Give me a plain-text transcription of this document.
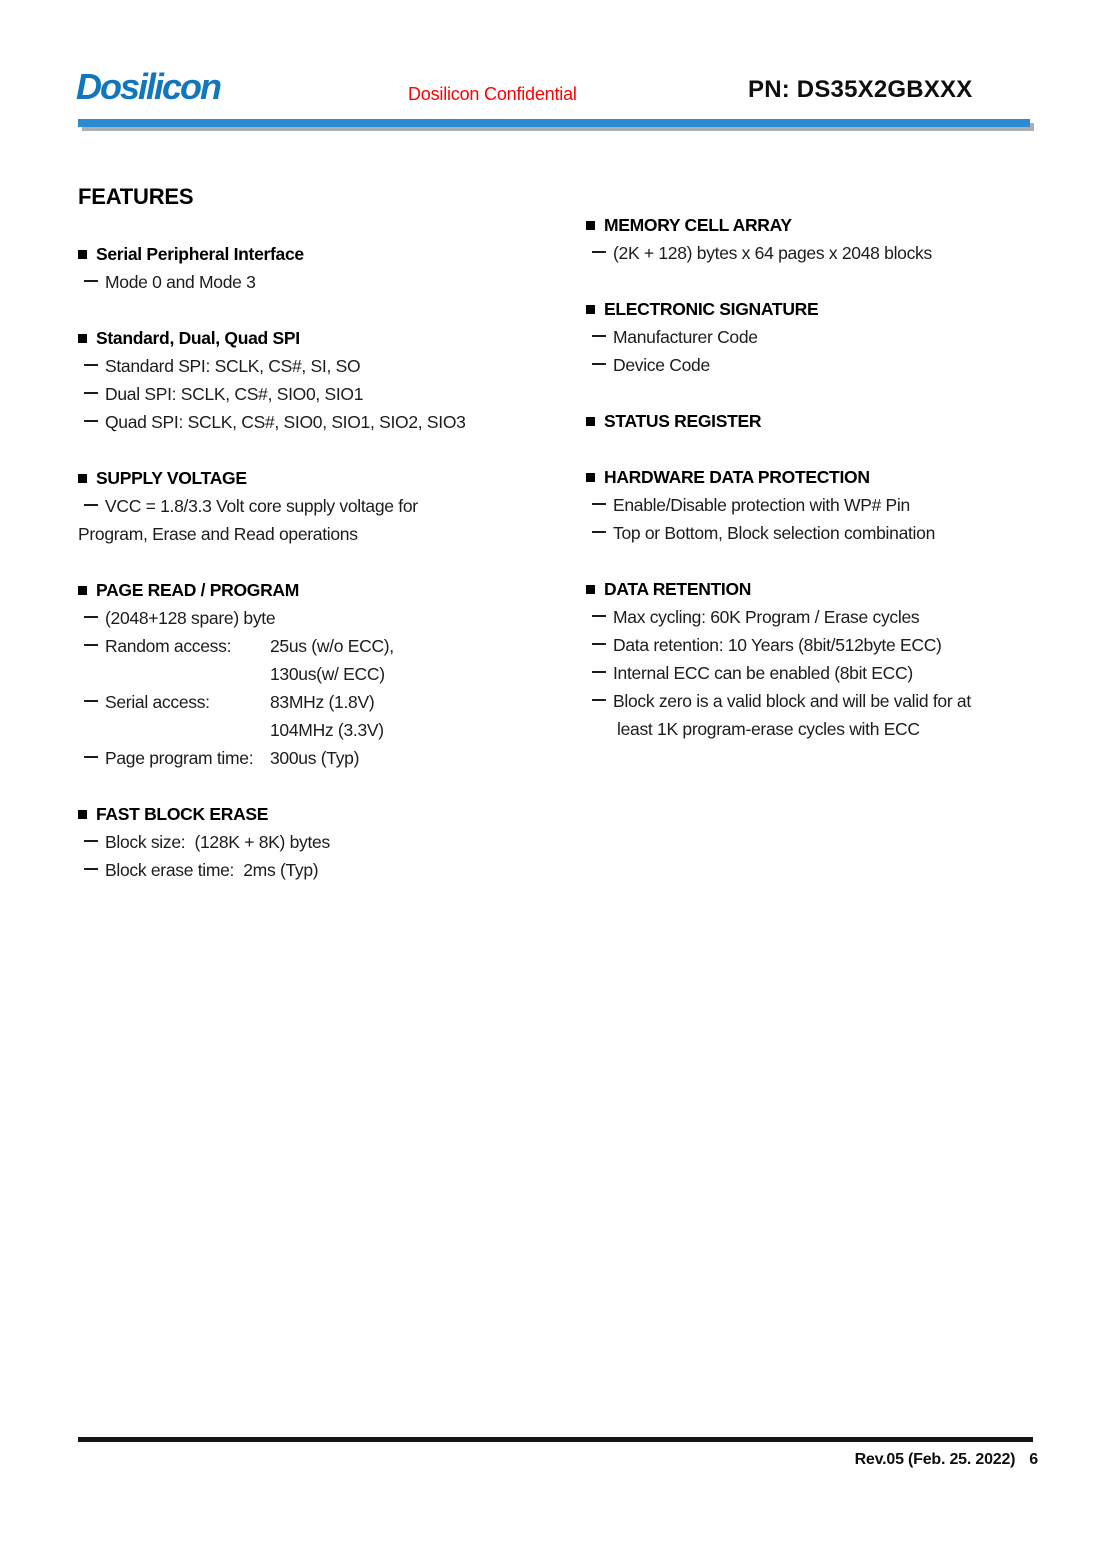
Dosilicon	Dosilicon Confidential	PN: DS35X2GBXXX
FEATURES
Serial Peripheral Interface
Mode 0 and Mode 3
Standard, Dual, Quad SPI
Standard SPI: SCLK, CS#, SI, SO
Dual SPI: SCLK, CS#, SIO0, SIO1
Quad SPI: SCLK, CS#, SIO0, SIO1, SIO2, SIO3
SUPPLY VOLTAGE
VCC = 1.8/3.3 Volt core supply voltage for
Program, Erase and Read operations
PAGE READ / PROGRAM
(2048+128 spare) byte
Random access: 25us (w/o ECC),
130us(w/ ECC)
Serial access:	83MHz (1.8V)
104MHz (3.3V)
Page program time: 300us (Typ)
FAST BLOCK ERASE
Block size:  (128K + 8K) bytes
Block erase time:  2ms (Typ)
MEMORY CELL ARRAY
(2K + 128) bytes x 64 pages x 2048 blocks
ELECTRONIC SIGNATURE
Manufacturer Code
Device Code
STATUS REGISTER
HARDWARE DATA PROTECTION
Enable/Disable protection with WP# Pin
Top or Bottom, Block selection combination
DATA RETENTION
Max cycling: 60K Program / Erase cycles
Data retention: 10 Years (8bit/512byte ECC)
Internal ECC can be enabled (8bit ECC)
Block zero is a valid block and will be valid for at
least 1K program-erase cycles with ECC
Rev.05 (Feb. 25. 2022) 6
